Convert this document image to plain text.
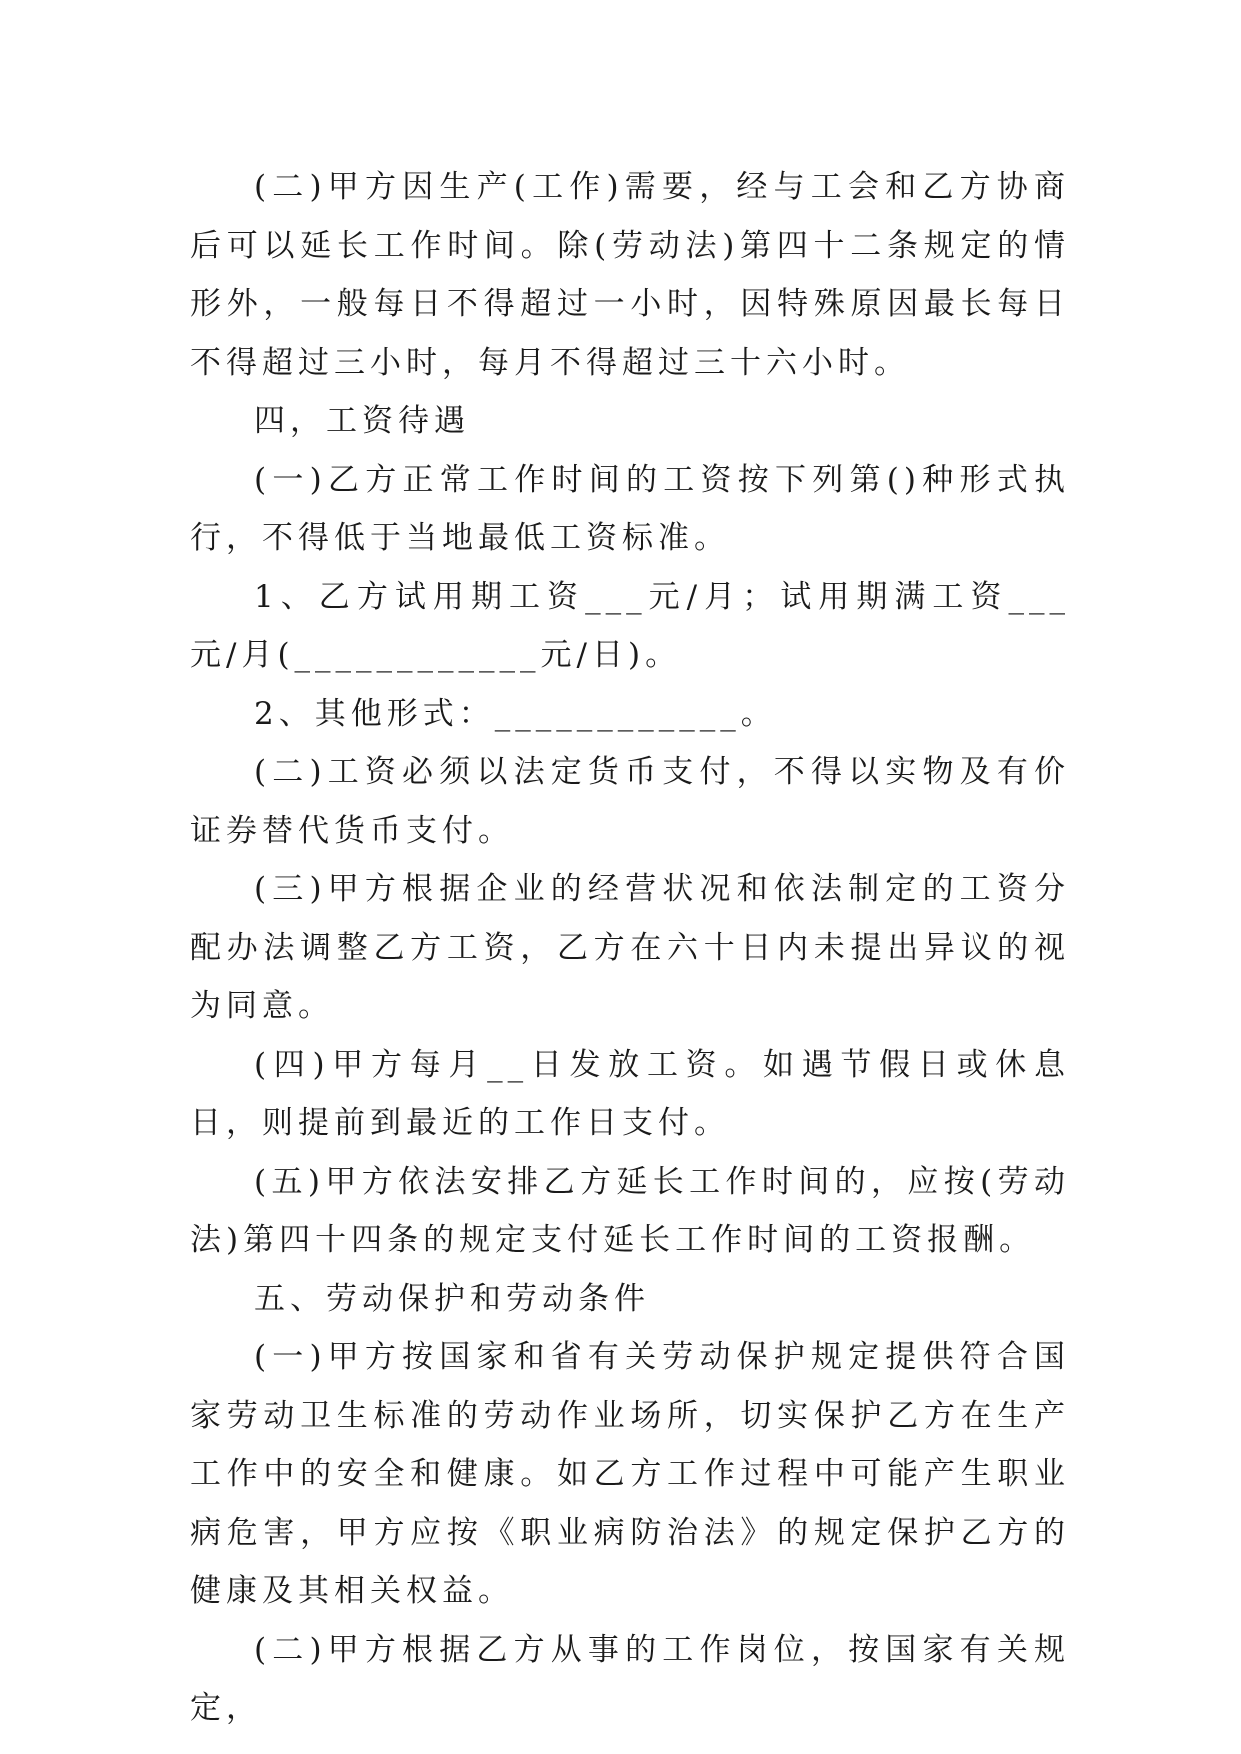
(二)甲方因生产(工作)需要，经与工会和乙方协商后可以延长工作时间。除(劳动法)第四十二条规定的情形外，一般每日不得超过一小时，因特殊原因最长每日不得超过三小时，每月不得超过三十六小时。

四，工资待遇

(一)乙方正常工作时间的工资按下列第()种形式执行，不得低于当地最低工资标准。

1、乙方试用期工资___元/月；试用期满工资___元/月(____________元/日)。

2、其他形式：____________。

(二)工资必须以法定货币支付，不得以实物及有价证券替代货币支付。

(三)甲方根据企业的经营状况和依法制定的工资分配办法调整乙方工资，乙方在六十日内未提出异议的视为同意。

(四)甲方每月__日发放工资。如遇节假日或休息日，则提前到最近的工作日支付。

(五)甲方依法安排乙方延长工作时间的，应按(劳动法)第四十四条的规定支付延长工作时间的工资报酬。

五、劳动保护和劳动条件

(一)甲方按国家和省有关劳动保护规定提供符合国家劳动卫生标准的劳动作业场所，切实保护乙方在生产工作中的安全和健康。如乙方工作过程中可能产生职业病危害，甲方应按《职业病防治法》的规定保护乙方的健康及其相关权益。

(二)甲方根据乙方从事的工作岗位，按国家有关规定，
